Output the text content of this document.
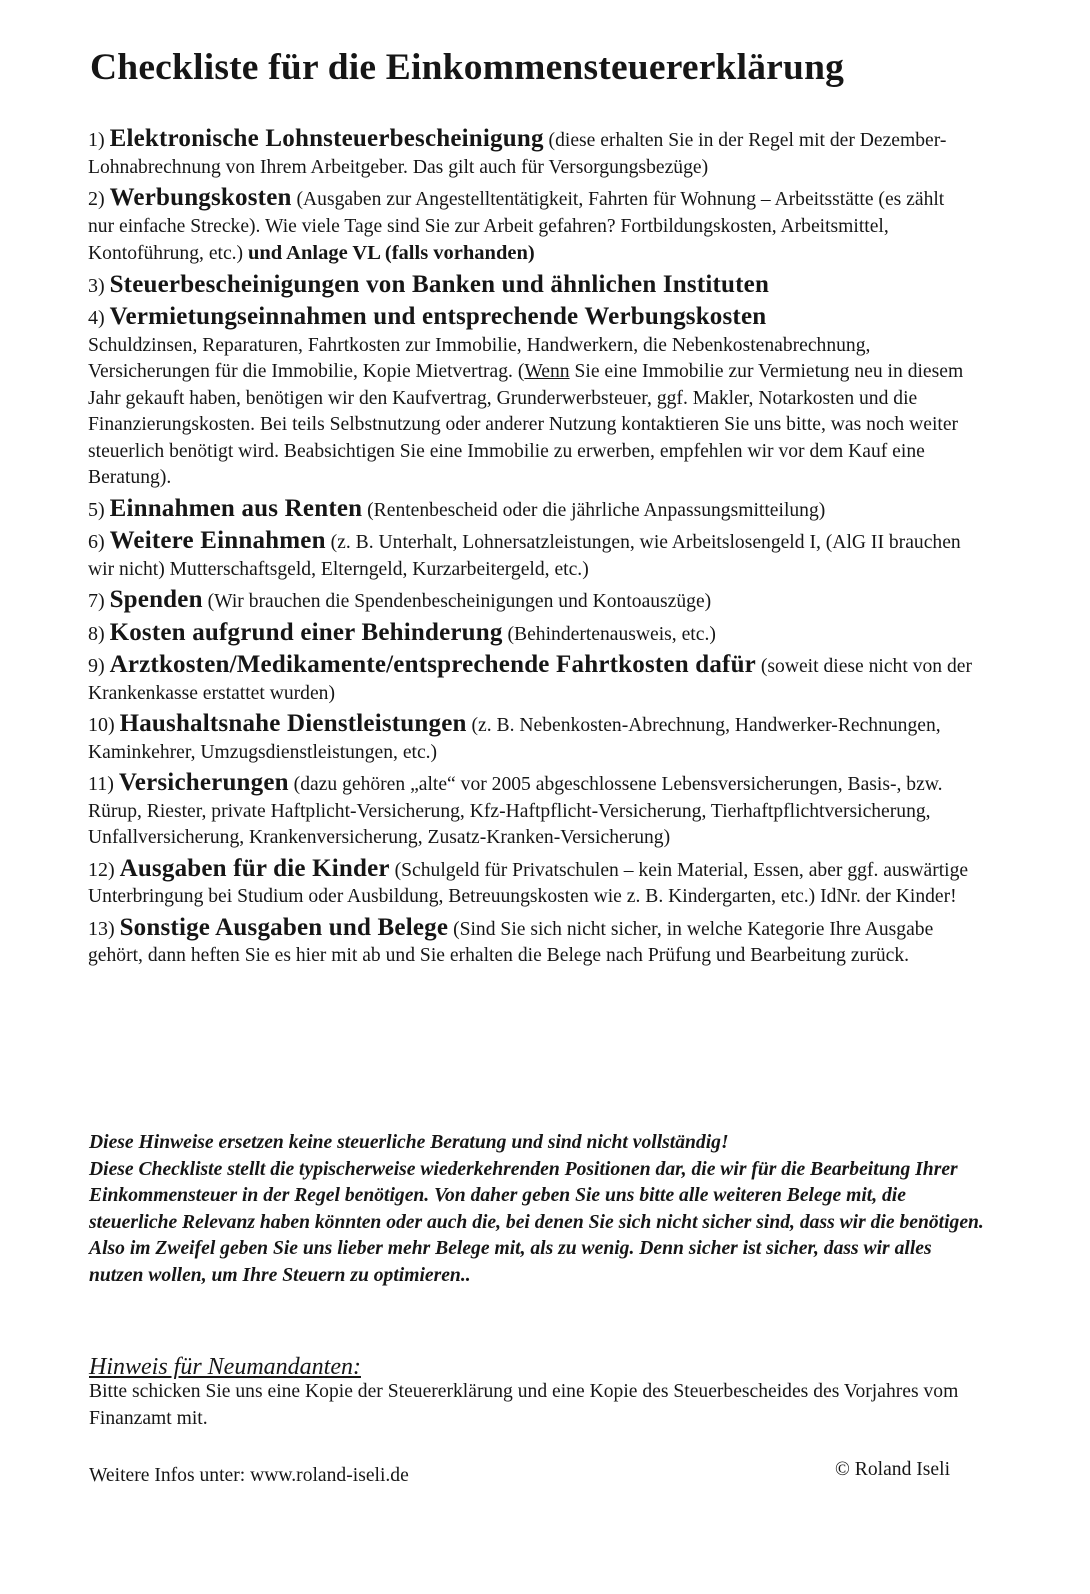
Checkliste für die Einkommensteuererklärung
1) Elektronische Lohnsteuerbescheinigung (diese erhalten Sie in der Regel mit der Dezember-Lohnabrechnung von Ihrem Arbeitgeber. Das gilt auch für Versorgungsbezüge)
2) Werbungskosten (Ausgaben zur Angestelltentätigkeit, Fahrten für Wohnung – Arbeitsstätte (es zählt nur einfache Strecke). Wie viele Tage sind Sie zur Arbeit gefahren? Fortbildungskosten, Arbeitsmittel, Kontoführung, etc.) und Anlage VL (falls vorhanden)
3) Steuerbescheinigungen von Banken und ähnlichen Instituten
4) Vermietungseinnahmen und entsprechende Werbungskosten
Schuldzinsen, Reparaturen, Fahrtkosten zur Immobilie, Handwerkern, die Nebenkostenabrechnung, Versicherungen für die Immobilie, Kopie Mietvertrag. (Wenn Sie eine Immobilie zur Vermietung neu in diesem Jahr gekauft haben, benötigen wir den Kaufvertrag, Grunderwerbsteuer, ggf. Makler, Notarkosten und die Finanzierungskosten. Bei teils Selbstnutzung oder anderer Nutzung kontaktieren Sie uns bitte, was noch weiter steuerlich benötigt wird. Beabsichtigen Sie eine Immobilie zu erwerben, empfehlen wir vor dem Kauf eine Beratung).
5) Einnahmen aus Renten (Rentenbescheid oder die jährliche Anpassungsmitteilung)
6) Weitere Einnahmen (z. B. Unterhalt, Lohnersatzleistungen, wie Arbeitslosengeld I, (AlG II brauchen wir nicht) Mutterschaftsgeld, Elterngeld, Kurzarbeitergeld, etc.)
7) Spenden (Wir brauchen die Spendenbescheinigungen und Kontoauszüge)
8) Kosten aufgrund einer Behinderung (Behindertenausweis, etc.)
9) Arztkosten/Medikamente/entsprechende Fahrtkosten dafür (soweit diese nicht von der Krankenkasse erstattet wurden)
10) Haushaltsnahe Dienstleistungen (z. B. Nebenkosten-Abrechnung, Handwerker-Rechnungen, Kaminkehrer, Umzugsdienstleistungen, etc.)
11) Versicherungen (dazu gehören „alte“ vor 2005 abgeschlossene Lebensversicherungen, Basis-, bzw. Rürup, Riester, private Haftplicht-Versicherung, Kfz-Haftpflicht-Versicherung, Tierhaftpflichtversicherung, Unfallversicherung, Krankenversicherung, Zusatz-Kranken-Versicherung)
12) Ausgaben für die Kinder (Schulgeld für Privatschulen – kein Material, Essen, aber ggf. auswärtige Unterbringung bei Studium oder Ausbildung, Betreuungskosten wie z. B. Kindergarten, etc.) IdNr. der Kinder!
13) Sonstige Ausgaben und Belege (Sind Sie sich nicht sicher, in welche Kategorie Ihre Ausgabe gehört, dann heften Sie es hier mit ab und Sie erhalten die Belege nach Prüfung und Bearbeitung zurück.
Diese Hinweise ersetzen keine steuerliche Beratung und sind nicht vollständig!
Diese Checkliste stellt die typischerweise wiederkehrenden Positionen dar, die wir für die Bearbeitung Ihrer Einkommensteuer in der Regel benötigen. Von daher geben Sie uns bitte alle weiteren Belege mit, die steuerliche Relevanz haben könnten oder auch die, bei denen Sie sich nicht sicher sind, dass wir die benötigen. Also im Zweifel geben Sie uns lieber mehr Belege mit, als zu wenig. Denn sicher ist sicher, dass wir alles nutzen wollen, um Ihre Steuern zu optimieren..
Hinweis für Neumandanten:
Bitte schicken Sie uns eine Kopie der Steuererklärung und eine Kopie des Steuerbescheides des Vorjahres vom Finanzamt mit.
Weitere Infos unter: www.roland-iseli.de	© Roland Iseli
